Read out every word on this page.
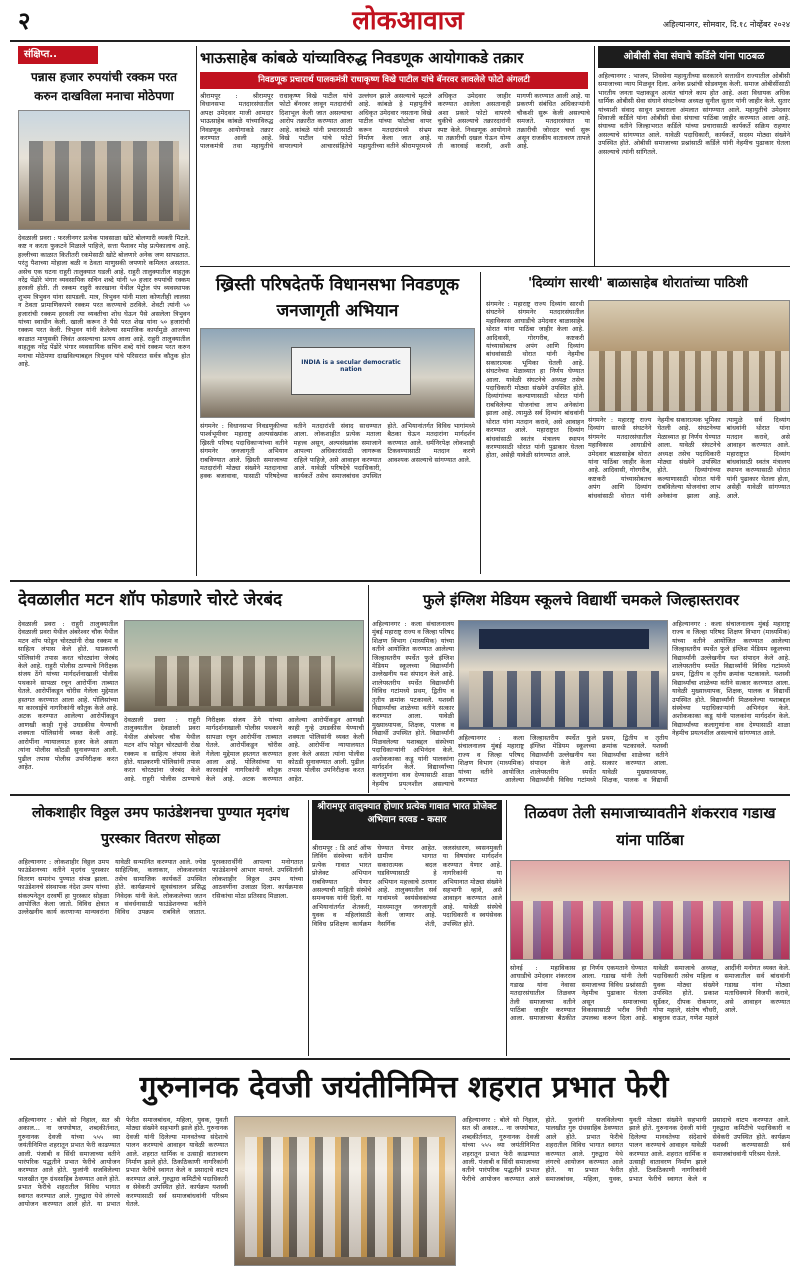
२	लोकआवाज	अहिल्यानगर, सोमवार, दि.१८ नोव्हेंबर २०२४
संक्षिप्त..
पन्नास हजार रुपयांची रक्कम परत करुन दाखविला मनाचा मोठेपणा
देवळाली प्रवरा : फरलीनगर प्रत्येक पावसाळा खोटे बोलणारी व्यक्ती मिटले. कष्ट न करता फुकटने मिळाले पाहिजे, सत्ता पैशावर मोह प्रत्येकालाच आहे. हल्लीच्या काळात कितीतरी रकमेसाठी खोटे बोलणारे अनेक जण सापडतात. परंतु पैशाच्या मोहाला बळी न ठेवता माणुसकी जपणारे कमिलत असतात. असेच एक घटना राहुरी तालुक्यात घडली आहे. राहुरी तालुक्यातील वाहतुक नरेंद्र पेंढोरे भंगार व्यवसायिक सचिन शब्दे यांनी ५० हजार रुपयांची रक्कम हरवली होती. ती रक्कम राहुरी कारखाना येथील पेट्रोल पंप व्यवस्थापक शुभम त्रिभुवन यांना सापडली. मात्र, त्रिभुवन यांनी माला कोणतीही लालसा न ठेवता प्रामाणिकपणे रक्कम परत करण्याचे ठरविले. शेवटी त्यांनी ५० हजारांची रक्कम हरवली त्या व्यक्तीचा शोध घेऊन पैसे असलेला त्रिभुवन यांच्या स्वाधीन केली. खाली करून ते पैसे परत शेख यांना ५० हजारांची रक्कम परत केली. त्रिभुवन यांनी केलेल्या सामाजिक कार्यामुळे आजच्या काळात माणुसकी जिवंत असल्याचा प्रत्यय आला आहे. राहुरी तालुक्यातील वाहतुक नरेंद्र पेंढोरे भंगार व्यवसायिक सचिन शब्दे यांचे रक्कम परत करुन मनाचा मोठेपणा दाखविल्याबद्दल त्रिभुवन यांचे परिसरात सर्वत्र कौतुक होत आहे.
भाऊसाहेब कांबळे यांच्याविरुद्ध निवडणूक आयोगाकडे तक्रार
निवडणूक प्रचारार्थ पालकमंत्री राधाकृष्ण विखे पाटील यांचे बॅनरवर लावलेले फोटो अंगलटी
श्रीरामपूर : श्रीरामपूर विधानसभा मतदारसंघातील अपक्ष उमेदवार माजी आमदार भाऊसाहेब कांबळे यांच्याविरुद्ध निवडणूक आयोगाकडे तक्रार करण्यात आली आहे. पालकमंत्री तथा महायुतीचे राधाकृष्ण विखे पाटील यांचे फोटो बॅनरवर लावून मतदारांची दिशाभूल केली जात असल्याचा आरोप तक्रारीत करण्यात आला आहे. कांबळे यांनी प्रचारासाठी विखे पाटील यांचे फोटो वापरल्याने आचारसंहितेचे उल्लंघन झाले असल्याचे म्हटले आहे. कांबळे हे महायुतीचे अधिकृत उमेदवार नसताना विखे पाटील यांच्या फोटोचा वापर करून मतदारांमध्ये संभ्रम निर्माण केला जात आहे. महायुतीच्या वतीने श्रीरामपूरमध्ये अधिकृत उमेदवार जाहीर करण्यात आलेला असतानाही अशा प्रकारे फोटो वापरणे चुकीचे असल्याचे तक्रारदारांनी स्पष्ट केले. निवडणूक आयोगाने या तक्रारीची दखल घेऊन योग्य ती कारवाई करावी, अशी मागणी करण्यात आली आहे. या प्रकरणी संबंधित अधिकाऱ्यांनी चौकशी सुरू केली असल्याचे समजते. मतदारसंघात या तक्रारीची जोरदार चर्चा सुरू असून राजकीय वातावरण तापले आहे.
ओबीसी सेवा संघाचे कर्डिले यांना पाठबळ
अहिल्यानगर : भाजप, शिवसेना महायुतीच्या सरकारने सत्ताधीन राज्यातील ओबीसी समाजाच्या न्याय मिळवून दिला. अनेक प्रश्नांची सोडवणूक केली. समाज ओबीसींसाठी भारतीय जनता पक्षाकडून अत्यंत चांगले काम होत आहे. अशा विधायक अधिक धार्मिक ओबीसी सेवा संघाने संघटनेच्या अध्यक्ष सुनील सुतार यांनी जाहीर केले. सुतार यांच्याशी संवाद साधून प्रचाराला अंमलात सांगण्यात आले. महायुतीचे उमेदवार शिवाजी कर्डिले यांना ओबीसी सेवा संघाचा पाठिंबा जाहीर करण्यात आला आहे. संघाच्या वतीने जिल्हाभरात कर्डिले यांच्या प्रचारासाठी कार्यकर्ते सक्रिय राहणार असल्याचे सांगण्यात आले. यावेळी पदाधिकारी, कार्यकर्ते, सदस्य मोठ्या संख्येने उपस्थित होते. ओबीसी समाजाच्या प्रश्नांसाठी कर्डिले यांनी नेहमीच पुढाकार घेतला असल्याचे त्यांनी सांगितले.
ख्रिस्ती परिषदेतर्फे विधानसभा निवडणूक जनजागृती अभियान
INDIA is a secular democratic nation
संगमनेर : विधानसभा निवडणुकीच्या पार्श्वभूमीवर महाराष्ट्र अल्पसंख्यांक ख्रिस्ती परिषद पदाधिकाऱ्यांच्या वतीने संगमनेर जनजागृती अभियान राबविण्यात आले. ख्रिस्ती समाजाच्या मतदारांनी मोठ्या संख्येने मतदानाचा हक्क बजावावा, यासाठी परिषदेच्या वतीने मतदारांशी संवाद साधण्यात आला. लोकशाहीत प्रत्येक मताला महत्त्व असून, अल्पसंख्यांक समाजाने आपल्या अधिकारांसाठी जागरूक राहिले पाहिजे, असे आवाहन करण्यात आले. यावेळी परिषदेचे पदाधिकारी, कार्यकर्ते तसेच समाजबांधव उपस्थित होते. अभियानांतर्गत विविध भागांमध्ये बैठका घेऊन मतदारांना मार्गदर्शन करण्यात आले. धर्मनिरपेक्ष लोकशाही टिकवण्यासाठी मतदान करणे आवश्यक असल्याचे सांगण्यात आले.
'दिव्यांग सारथी' बाळासाहेब थोरातांच्या पाठिशी
संगमनेर : महाराष्ट्र राज्य दिव्यांग सारथी संघटनेने संगमनेर मतदारसंघातील महाविकास आघाडीचे उमेदवार बाळासाहेब थोरात यांना पाठिंबा जाहीर केला आहे. आदिवासी, गोरगरीब, कष्टकरी यांच्यासोबतच अपंग आणि दिव्यांग बांधवांसाठी थोरात यांनी नेहमीच सकारात्मक भूमिका घेतली आहे. संघटनेच्या मेळाव्यात हा निर्णय घेण्यात आला. यावेळी संघटनेचे अध्यक्ष तसेच पदाधिकारी मोठ्या संख्येने उपस्थित होते. दिव्यांगांच्या कल्याणासाठी थोरात यांनी राबविलेल्या योजनांचा लाभ अनेकांना झाला आहे. त्यामुळे सर्व दिव्यांग बांधवांनी थोरात यांना मतदान करावे, असे आवाहन करण्यात आले. महाराष्ट्रात दिव्यांग बांधवांसाठी स्वतंत्र मंत्रालय स्थापन करण्यासाठी थोरात यांनी पुढाकार घेतला होता, असेही यावेळी सांगण्यात आले.
संगमनेर : महाराष्ट्र राज्य दिव्यांग सारथी संघटनेने संगमनेर मतदारसंघातील महाविकास आघाडीचे उमेदवार बाळासाहेब थोरात यांना पाठिंबा जाहीर केला आहे. आदिवासी, गोरगरीब, कष्टकरी यांच्यासोबतच अपंग आणि दिव्यांग बांधवांसाठी थोरात यांनी नेहमीच सकारात्मक भूमिका घेतली आहे. संघटनेच्या मेळाव्यात हा निर्णय घेण्यात आला. यावेळी संघटनेचे अध्यक्ष तसेच पदाधिकारी मोठ्या संख्येने उपस्थित होते. दिव्यांगांच्या कल्याणासाठी थोरात यांनी राबविलेल्या योजनांचा लाभ अनेकांना झाला आहे. त्यामुळे सर्व दिव्यांग बांधवांनी थोरात यांना मतदान करावे, असे आवाहन करण्यात आले. महाराष्ट्रात दिव्यांग बांधवांसाठी स्वतंत्र मंत्रालय स्थापन करण्यासाठी थोरात यांनी पुढाकार घेतला होता, असेही यावेळी सांगण्यात आले.
देवळालीत मटन शॉप फोडणारे चोरटे जेरबंद
देवळाली प्रवरा : राहुरी तालुक्यातील देवळाली प्रवरा येथील अंबरेश्वर चौक येथील मटन शॉप फोडून चोरट्यांनी रोख रक्कम व साहित्य लंपास केले होते. याप्रकरणी पोलिसांनी तपास करत चोरट्यांना जेरबंद केले आहे. राहुरी पोलीस ठाण्याचे निरीक्षक संजय ठेंगे यांच्या मार्गदर्शनाखाली पोलीस पथकाने सापळा रचून आरोपींना ताब्यात घेतले. आरोपींकडून चोरीस गेलेला मुद्देमाल हस्तगत करण्यात आला आहे. पोलिसांच्या या कारवाईचे नागरिकांनी कौतुक केले आहे. अटक करण्यात आलेल्या आरोपींकडून आणखी काही गुन्हे उघडकीस येण्याची शक्यता पोलिसांनी व्यक्त केली आहे. आरोपींना न्यायालयात हजर केले असता त्यांना पोलीस कोठडी सुनावण्यात आली. पुढील तपास पोलीस उपनिरीक्षक करत आहेत.
देवळाली प्रवरा : राहुरी तालुक्यातील देवळाली प्रवरा येथील अंबरेश्वर चौक येथील मटन शॉप फोडून चोरट्यांनी रोख रक्कम व साहित्य लंपास केले होते. याप्रकरणी पोलिसांनी तपास करत चोरट्यांना जेरबंद केले आहे. राहुरी पोलीस ठाण्याचे निरीक्षक संजय ठेंगे यांच्या मार्गदर्शनाखाली पोलीस पथकाने सापळा रचून आरोपींना ताब्यात घेतले. आरोपींकडून चोरीस गेलेला मुद्देमाल हस्तगत करण्यात आला आहे. पोलिसांच्या या कारवाईचे नागरिकांनी कौतुक केले आहे. अटक करण्यात आलेल्या आरोपींकडून आणखी काही गुन्हे उघडकीस येण्याची शक्यता पोलिसांनी व्यक्त केली आहे. आरोपींना न्यायालयात हजर केले असता त्यांना पोलीस कोठडी सुनावण्यात आली. पुढील तपास पोलीस उपनिरीक्षक करत आहेत.
फुले इंग्लिश मेडियम स्कूलचे विद्यार्थी चमकले जिल्हास्तरावर
अहिल्यानगर : कला संचालनालय मुंबई महाराष्ट्र राज्य व जिल्हा परिषद शिक्षण विभाग (माध्यमिक) यांच्या वतीने आयोजित करण्यात आलेल्या जिल्हास्तरीय स्पर्धेत फुले इंग्लिश मेडियम स्कूलच्या विद्यार्थ्यांनी उल्लेखनीय यश संपादन केले आहे. शालेयस्तरीय स्पर्धेत विद्यार्थ्यांनी विविध गटांमध्ये प्रथम, द्वितीय व तृतीय क्रमांक पटकावले. यशस्वी विद्यार्थ्यांचा शाळेच्या वतीने सत्कार करण्यात आला. यावेळी मुख्याध्यापक, शिक्षक, पालक व विद्यार्थी उपस्थित होते. विद्यार्थ्यांनी मिळवलेल्या यशाबद्दल संस्थेच्या पदाधिकाऱ्यांनी अभिनंदन केले. अशोककाका कडू यांनी पालकांना मार्गदर्शन केले. विद्यार्थ्यांच्या कलागुणांना वाव देण्यासाठी शाळा नेहमीच प्रयत्नशील असल्याचे
अहिल्यानगर : कला संचालनालय मुंबई महाराष्ट्र राज्य व जिल्हा परिषद शिक्षण विभाग (माध्यमिक) यांच्या वतीने आयोजित करण्यात आलेल्या जिल्हास्तरीय स्पर्धेत फुले इंग्लिश मेडियम स्कूलच्या विद्यार्थ्यांनी उल्लेखनीय यश संपादन केले आहे. शालेयस्तरीय स्पर्धेत विद्यार्थ्यांनी विविध गटांमध्ये प्रथम, द्वितीय व तृतीय क्रमांक पटकावले. यशस्वी विद्यार्थ्यांचा शाळेच्या वतीने सत्कार करण्यात आला. यावेळी मुख्याध्यापक, शिक्षक, पालक व विद्यार्थी
अहिल्यानगर : कला संचालनालय मुंबई महाराष्ट्र राज्य व जिल्हा परिषद शिक्षण विभाग (माध्यमिक) यांच्या वतीने आयोजित करण्यात आलेल्या जिल्हास्तरीय स्पर्धेत फुले इंग्लिश मेडियम स्कूलच्या विद्यार्थ्यांनी उल्लेखनीय यश संपादन केले आहे. शालेयस्तरीय स्पर्धेत विद्यार्थ्यांनी विविध गटांमध्ये प्रथम, द्वितीय व तृतीय क्रमांक पटकावले. यशस्वी विद्यार्थ्यांचा शाळेच्या वतीने सत्कार करण्यात आला. यावेळी मुख्याध्यापक, शिक्षक, पालक व विद्यार्थी उपस्थित होते. विद्यार्थ्यांनी मिळवलेल्या यशाबद्दल संस्थेच्या पदाधिकाऱ्यांनी अभिनंदन केले. अशोककाका कडू यांनी पालकांना मार्गदर्शन केले. विद्यार्थ्यांच्या कलागुणांना वाव देण्यासाठी शाळा नेहमीच प्रयत्नशील असल्याचे सांगण्यात आले.
लोकशाहीर विठ्ठल उमप फाउंडेशनचा पुण्यात मृदगंध पुरस्कार वितरण सोहळा
अहिल्यानगर : लोकशाहीर विठ्ठल उमप फाउंडेशनच्या वतीने मृदगंध पुरस्कार वितरण समारंभ पुण्यात संपन्न झाला. फाउंडेशनचे संस्थापक नंदेश उमप यांच्या संकल्पनेतून दरवर्षी हा पुरस्कार सोहळा आयोजित केला जातो. विविध क्षेत्रात उल्लेखनीय कार्य करणाऱ्या मान्यवरांना यावेळी सन्मानित करण्यात आले. ज्येष्ठ साहित्यिक, कलाकार, लोककलावंत तसेच सामाजिक कार्यकर्ते उपस्थित होते. कार्यक्रमाचे सूत्रसंचालन प्रसिद्ध निवेदक यांनी केले. लोककलेच्या जतन व संवर्धनासाठी फाउंडेशनच्या वतीने विविध उपक्रम राबविले जातात. पुरस्कारार्थींनी आपल्या मनोगतात फाउंडेशनचे आभार मानले. उपस्थितांनी लोकशाहीर विठ्ठल उमप यांच्या आठवणींना उजाळा दिला. कार्यक्रमास रसिकांचा मोठा प्रतिसाद मिळाला.
श्रीरामपूर तालुक्यात होणार प्रत्येक गावात भारत प्रोजेक्ट अभियान वरवड - कसार
श्रीरामपूर : डि आर्ट ऑफ लिविंग संस्थेच्या वतीने प्रत्येक गावात भारत प्रोजेक्ट अभियान राबविण्यात येणार असल्याची माहिती संस्थेचे समन्वयक यांनी दिली. या अभियानांतर्गत शेतकरी, युवक व महिलांसाठी विविध प्रशिक्षण कार्यक्रम घेण्यात येणार आहेत. ग्रामीण भागात सकारात्मक बदल घडविण्यासाठी हे अभियान महत्त्वाचे ठरणार आहे. तालुक्यातील सर्व गावांमध्ये स्वयंसेवकांच्या माध्यमातून जनजागृती केली जाणार आहे. नैसर्गिक शेती, जलसंधारण, व्यसनमुक्ती या विषयांवर मार्गदर्शन करण्यात येणार आहे. नागरिकांनी या अभियानात मोठ्या संख्येने सहभागी व्हावे, असे आवाहन करण्यात आले आहे. यावेळी संस्थेचे पदाधिकारी व स्वयंसेवक उपस्थित होते.
तिळवण तेली समाजाच्यावतीने शंकरराव गडाख यांना पाठिंबा
सोनई : महाविकास आघाडीचे उमेदवार शंकरराव गडाख यांना नेवासा मतदारसंघातील तिळवण तेली समाजाच्या वतीने पाठिंबा जाहीर करण्यात आला. समाजाच्या बैठकीत हा निर्णय एकमताने घेण्यात आला. गडाख यांनी तेली समाजाच्या विविध प्रश्नांसाठी नेहमीच पुढाकार घेतला असून समाजाच्या विकासासाठी भरीव निधी उपलब्ध करून दिला आहे. यावेळी समाजाचे अध्यक्ष, पदाधिकारी तसेच महिला व युवक मोठ्या संख्येने उपस्थित होते. प्रकाश सुर्डेकर, दीपक रोकमगर, गोपा महाले, संतोष चौधरी, बाबुराव राऊत, गणेश महाले आदींनी मनोगत व्यक्त केले. समाजातील सर्व बांधवांनी गडाख यांना मोठ्या मताधिक्याने विजयी करावे, असे आवाहन करण्यात आले.
गुरुनानक देवजी जयंतीनिमित्त शहरात प्रभात फेरी
अहिल्यानगर : बोले सो निहाल, सत श्री अकाल... ना जयघोषात, शब्दकीर्तनात, गुरुनानक देवजी यांच्या ५५५ व्या जयंतीनिमित्त शहरातून प्रभात फेरी काढण्यात आली. पंजाबी व सिंधी समाजाच्या वतीने पारंपरिक पद्धतीने प्रभात फेरीचे आयोजन करण्यात आले होते. फुलांनी सजविलेल्या पालखीत गुरु ग्रंथसाहिब ठेवण्यात आले होते. प्रभात फेरीचे शहरातील विविध भागात स्वागत करण्यात आले. गुरुद्वारा येथे लंगरचे आयोजन करण्यात आले होते. या प्रभात फेरीत समाजबांधव, महिला, युवक, युवती मोठ्या संख्येने सहभागी झाले होते. गुरुनानक देवजी यांनी दिलेल्या मानवतेच्या संदेशाचे पालन करण्याचे आवाहन यावेळी करण्यात आले. शहरात धार्मिक व उत्साही वातावरण निर्माण झाले होते. ठिकठिकाणी नागरिकांनी प्रभात फेरीचे स्वागत केले व प्रसादाचे वाटप करण्यात आले. गुरुद्वारा कमिटीचे पदाधिकारी व सेवेकरी उपस्थित होते. कार्यक्रम यशस्वी करण्यासाठी सर्व समाजबांधवांनी परिश्रम घेतले.
अहिल्यानगर : बोले सो निहाल, सत श्री अकाल... ना जयघोषात, शब्दकीर्तनात, गुरुनानक देवजी यांच्या ५५५ व्या जयंतीनिमित्त शहरातून प्रभात फेरी काढण्यात आली. पंजाबी व सिंधी समाजाच्या वतीने पारंपरिक पद्धतीने प्रभात फेरीचे आयोजन करण्यात आले होते. फुलांनी सजविलेल्या पालखीत गुरु ग्रंथसाहिब ठेवण्यात आले होते. प्रभात फेरीचे शहरातील विविध भागात स्वागत करण्यात आले. गुरुद्वारा येथे लंगरचे आयोजन करण्यात आले होते. या प्रभात फेरीत समाजबांधव, महिला, युवक, युवती मोठ्या संख्येने सहभागी झाले होते. गुरुनानक देवजी यांनी दिलेल्या मानवतेच्या संदेशाचे पालन करण्याचे आवाहन यावेळी करण्यात आले. शहरात धार्मिक व उत्साही वातावरण निर्माण झाले होते. ठिकठिकाणी नागरिकांनी प्रभात फेरीचे स्वागत केले व प्रसादाचे वाटप करण्यात आले. गुरुद्वारा कमिटीचे पदाधिकारी व सेवेकरी उपस्थित होते. कार्यक्रम यशस्वी करण्यासाठी सर्व समाजबांधवांनी परिश्रम घेतले.
